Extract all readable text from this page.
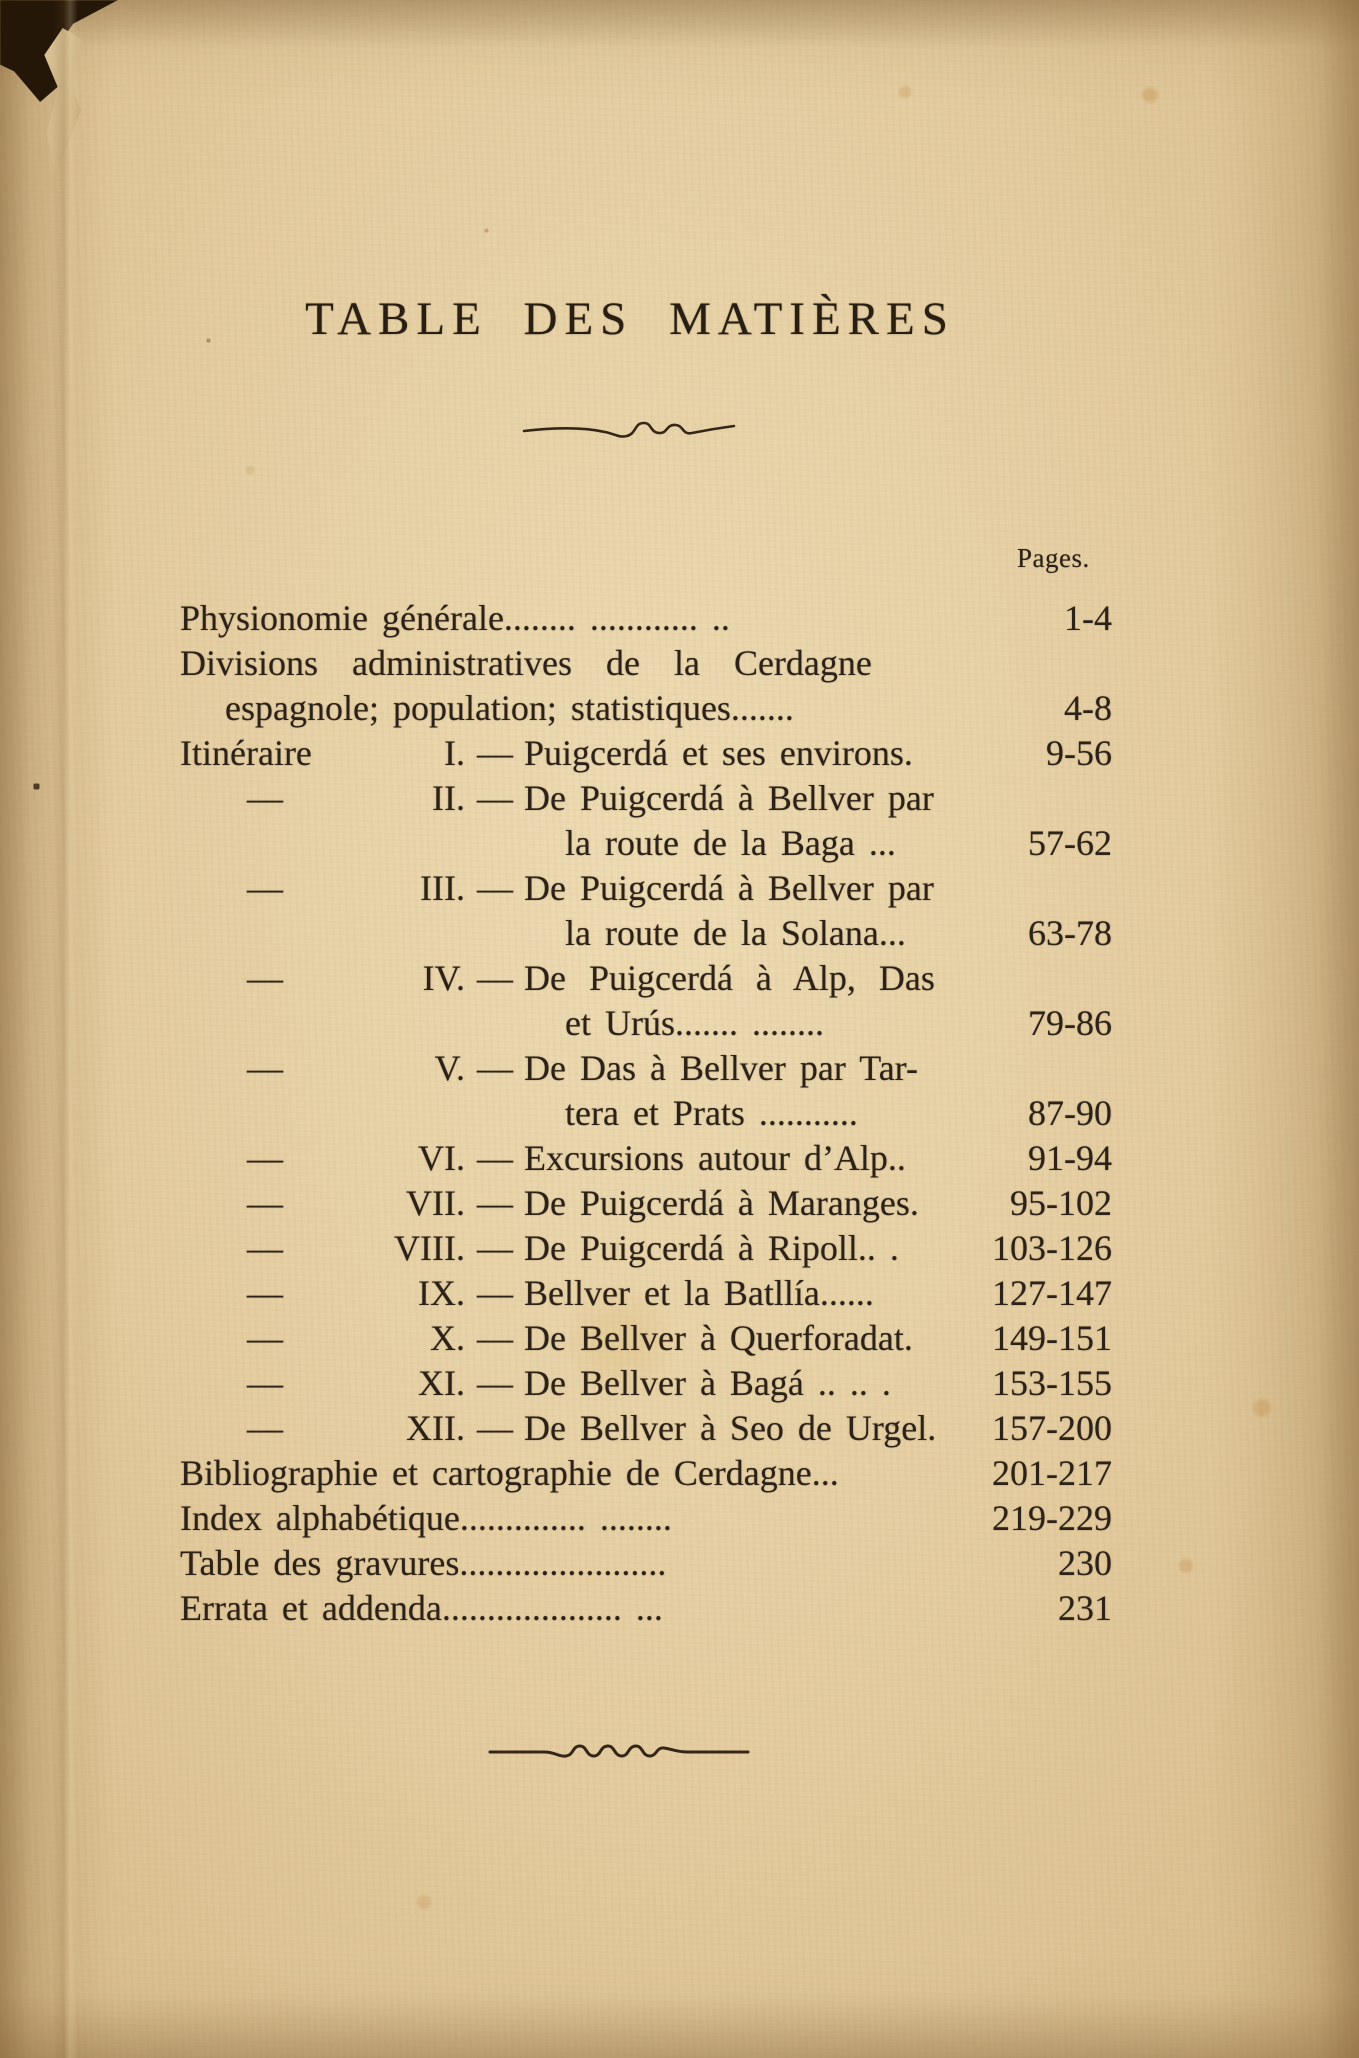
TABLE DES MATIÈRES
Pages.
Physionomie générale........ ............ ..	1-4
Divisions administratives de la Cerdagne
espagnole; population; statistiques.......	4-8
Itinéraire	I. — Puigcerdá et ses environs.	9-56
—	II. — De Puigcerdá à Bellver par
la route de la Baga ...	57-62
—	III. — De Puigcerdá à Bellver par
la route de la Solana...	63-78
—	IV. — De Puigcerdá à Alp, Das
et Urús....... ........	79-86
—	V. — De Das à Bellver par Tar-
tera et Prats ...........	87-90
—	VI. — Excursions autour d’Alp..	91-94
—	VII. — De Puigcerdá à Maranges.	95-102
—	VIII. — De Puigcerdá à Ripoll.. .	103-126
—	IX. — Bellver et la Batllía......	127-147
—	X. — De Bellver à Querforadat. 149-151
—	XI. — De Bellver à Bagá .. .. .	153-155
—	XII. — De Bellver à Seo de Urgel. 157-200
Bibliographie et cartographie de Cerdagne...	201-217
Index alphabétique.............. ........	219-229
Table des gravures.......................	230
Errata et addenda.................... ...	231
